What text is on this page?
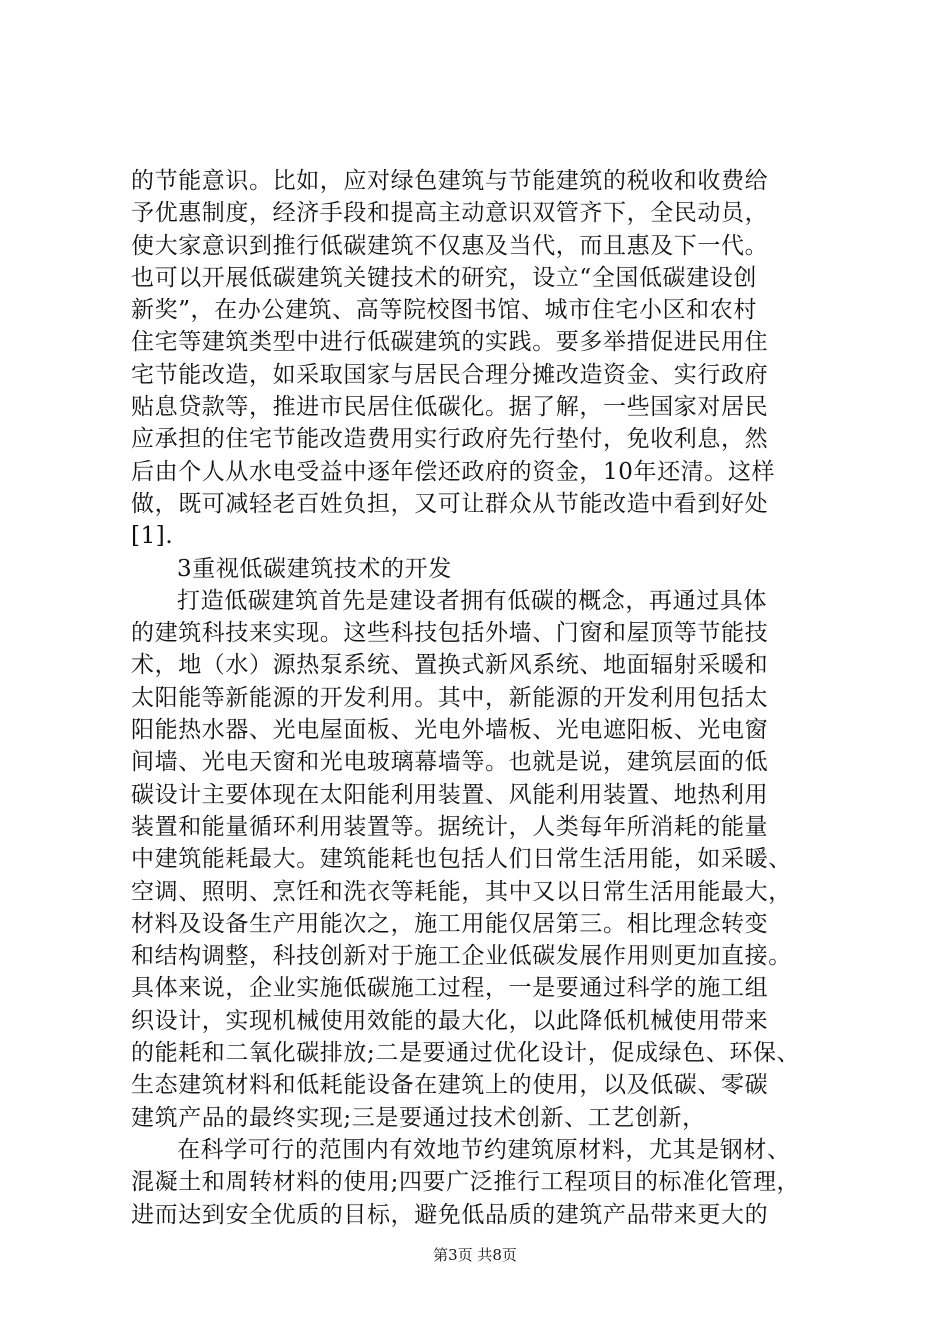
的节能意识。比如，应对绿色建筑与节能建筑的税收和收费给
予优惠制度，经济手段和提高主动意识双管齐下，全民动员，
使大家意识到推行低碳建筑不仅惠及当代，而且惠及下一代。
也可以开展低碳建筑关键技术的研究，设立“全国低碳建设创
新奖”，在办公建筑、高等院校图书馆、城市住宅小区和农村
住宅等建筑类型中进行低碳建筑的实践。要多举措促进民用住
宅节能改造，如采取国家与居民合理分摊改造资金、实行政府
贴息贷款等，推进市民居住低碳化。据了解，一些国家对居民
应承担的住宅节能改造费用实行政府先行垫付，免收利息，然
后由个人从水电受益中逐年偿还政府的资金，10年还清。这样
做，既可减轻老百姓负担，又可让群众从节能改造中看到好处
[1].
3重视低碳建筑技术的开发
打造低碳建筑首先是建设者拥有低碳的概念，再通过具体
的建筑科技来实现。这些科技包括外墙、门窗和屋顶等节能技
术，地（水）源热泵系统、置换式新风系统、地面辐射采暖和
太阳能等新能源的开发利用。其中，新能源的开发利用包括太
阳能热水器、光电屋面板、光电外墙板、光电遮阳板、光电窗
间墙、光电天窗和光电玻璃幕墙等。也就是说，建筑层面的低
碳设计主要体现在太阳能利用装置、风能利用装置、地热利用
装置和能量循环利用装置等。据统计，人类每年所消耗的能量
中建筑能耗最大。建筑能耗也包括人们日常生活用能，如采暖、
空调、照明、烹饪和洗衣等耗能，其中又以日常生活用能最大，
材料及设备生产用能次之，施工用能仅居第三。相比理念转变
和结构调整，科技创新对于施工企业低碳发展作用则更加直接。
具体来说，企业实施低碳施工过程，一是要通过科学的施工组
织设计，实现机械使用效能的最大化，以此降低机械使用带来
的能耗和二氧化碳排放;二是要通过优化设计，促成绿色、环保、
生态建筑材料和低耗能设备在建筑上的使用，以及低碳、零碳
建筑产品的最终实现;三是要通过技术创新、工艺创新，
在科学可行的范围内有效地节约建筑原材料，尤其是钢材、
混凝土和周转材料的使用;四要广泛推行工程项目的标准化管理，
进而达到安全优质的目标，避免低品质的建筑产品带来更大的
第3页 共8页
